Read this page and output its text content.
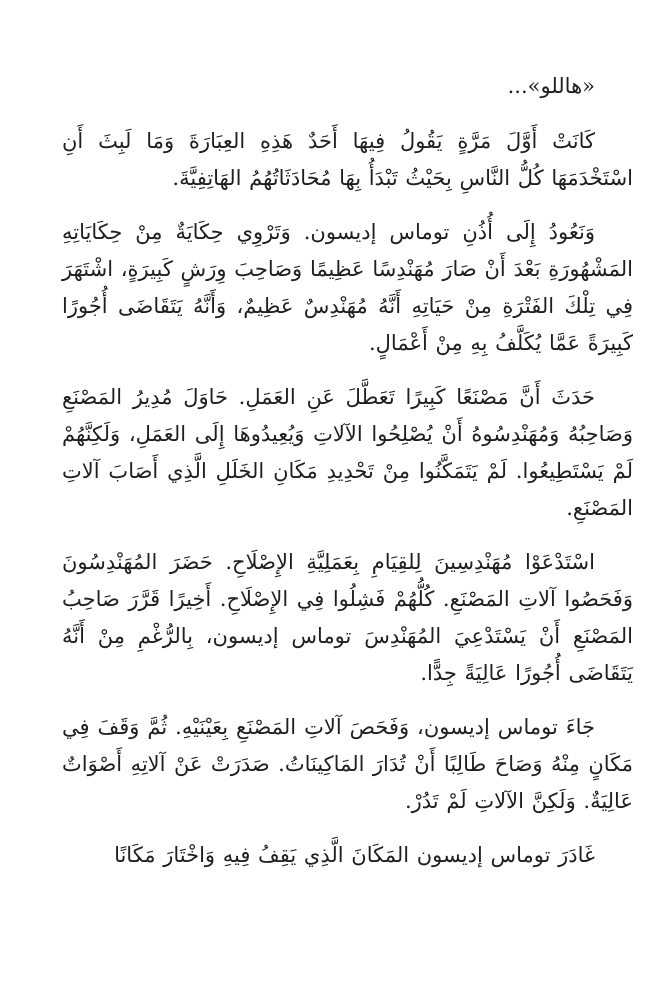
«هاللو»...

كَانَتْ أَوَّلَ مَرَّةٍ يَقُولُ فِيهَا أَحَدٌ هَذِهِ العِبَارَةَ وَمَا لَبِثَ أَنِ اسْتَخْدَمَهَا كُلُّ النَّاسِ بِحَيْثُ تَبْدَأُ بِهَا مُحَادَثَاتُهُمُ الهَاتِفِيَّةَ.

وَنَعُودُ إِلَى أُذُنِ توماس إديسون. وَتَرْوِي حِكَايَةٌ مِنْ حِكَايَاتِهِ المَشْهُورَةِ بَعْدَ أَنْ صَارَ مُهَنْدِسًا عَظِيمًا وَصَاحِبَ وِرَشٍ كَبِيرَةٍ، اشْتَهَرَ فِي تِلْكَ الفَتْرَةِ مِنْ حَيَاتِهِ أَنَّهُ مُهَنْدِسٌ عَظِيمٌ، وَأَنَّهُ يَتَقَاضَى أُجُورًا كَبِيرَةً عَمَّا يُكَلَّفُ بِهِ مِنْ أَعْمَالٍ.

حَدَثَ أَنَّ مَصْنَعًا كَبِيرًا تَعَطَّلَ عَنِ العَمَلِ. حَاوَلَ مُدِيرُ المَصْنَعِ وَصَاحِبُهُ وَمُهَنْدِسُوهُ أَنْ يُصْلِحُوا الآلاتِ وَيُعِيدُوهَا إِلَى العَمَلِ، وَلَكِنَّهُمْ لَمْ يَسْتَطِيعُوا. لَمْ يَتَمَكَّنُوا مِنْ تَحْدِيدِ مَكَانِ الخَلَلِ الَّذِي أَصَابَ آلاتِ المَصْنَعِ.

اسْتَدْعَوْا مُهَنْدِسِينَ لِلقِيَامِ بِعَمَلِيَّةِ الإِصْلَاحِ. حَضَرَ المُهَنْدِسُونَ وَفَحَصُوا آلاتِ المَصْنَعِ. كُلُّهُمْ فَشِلُوا فِي الإِصْلَاحِ. أَخِيرًا قَرَّرَ صَاحِبُ المَصْنَعِ أَنْ يَسْتَدْعِيَ المُهَنْدِسَ توماس إديسون، بِالرُّغْمِ مِنْ أَنَّهُ يَتَقَاضَى أُجُورًا عَالِيَةً جِدًّا.

جَاءَ توماس إديسون، وَفَحَصَ آلاتِ المَصْنَعِ بِعَيْنَيْهِ. ثُمَّ وَقَفَ فِي مَكَانٍ مِنْهُ وَصَاحَ طَالِبًا أَنْ تُدَارَ المَاكِينَاتُ. صَدَرَتْ عَنْ آلاتِهِ أَصْوَاتٌ عَالِيَةٌ. وَلَكِنَّ الآلاتِ لَمْ تَدُرْ.

غَادَرَ توماس إديسون المَكَانَ الَّذِي يَقِفُ فِيهِ وَاخْتَارَ مَكَانًا
